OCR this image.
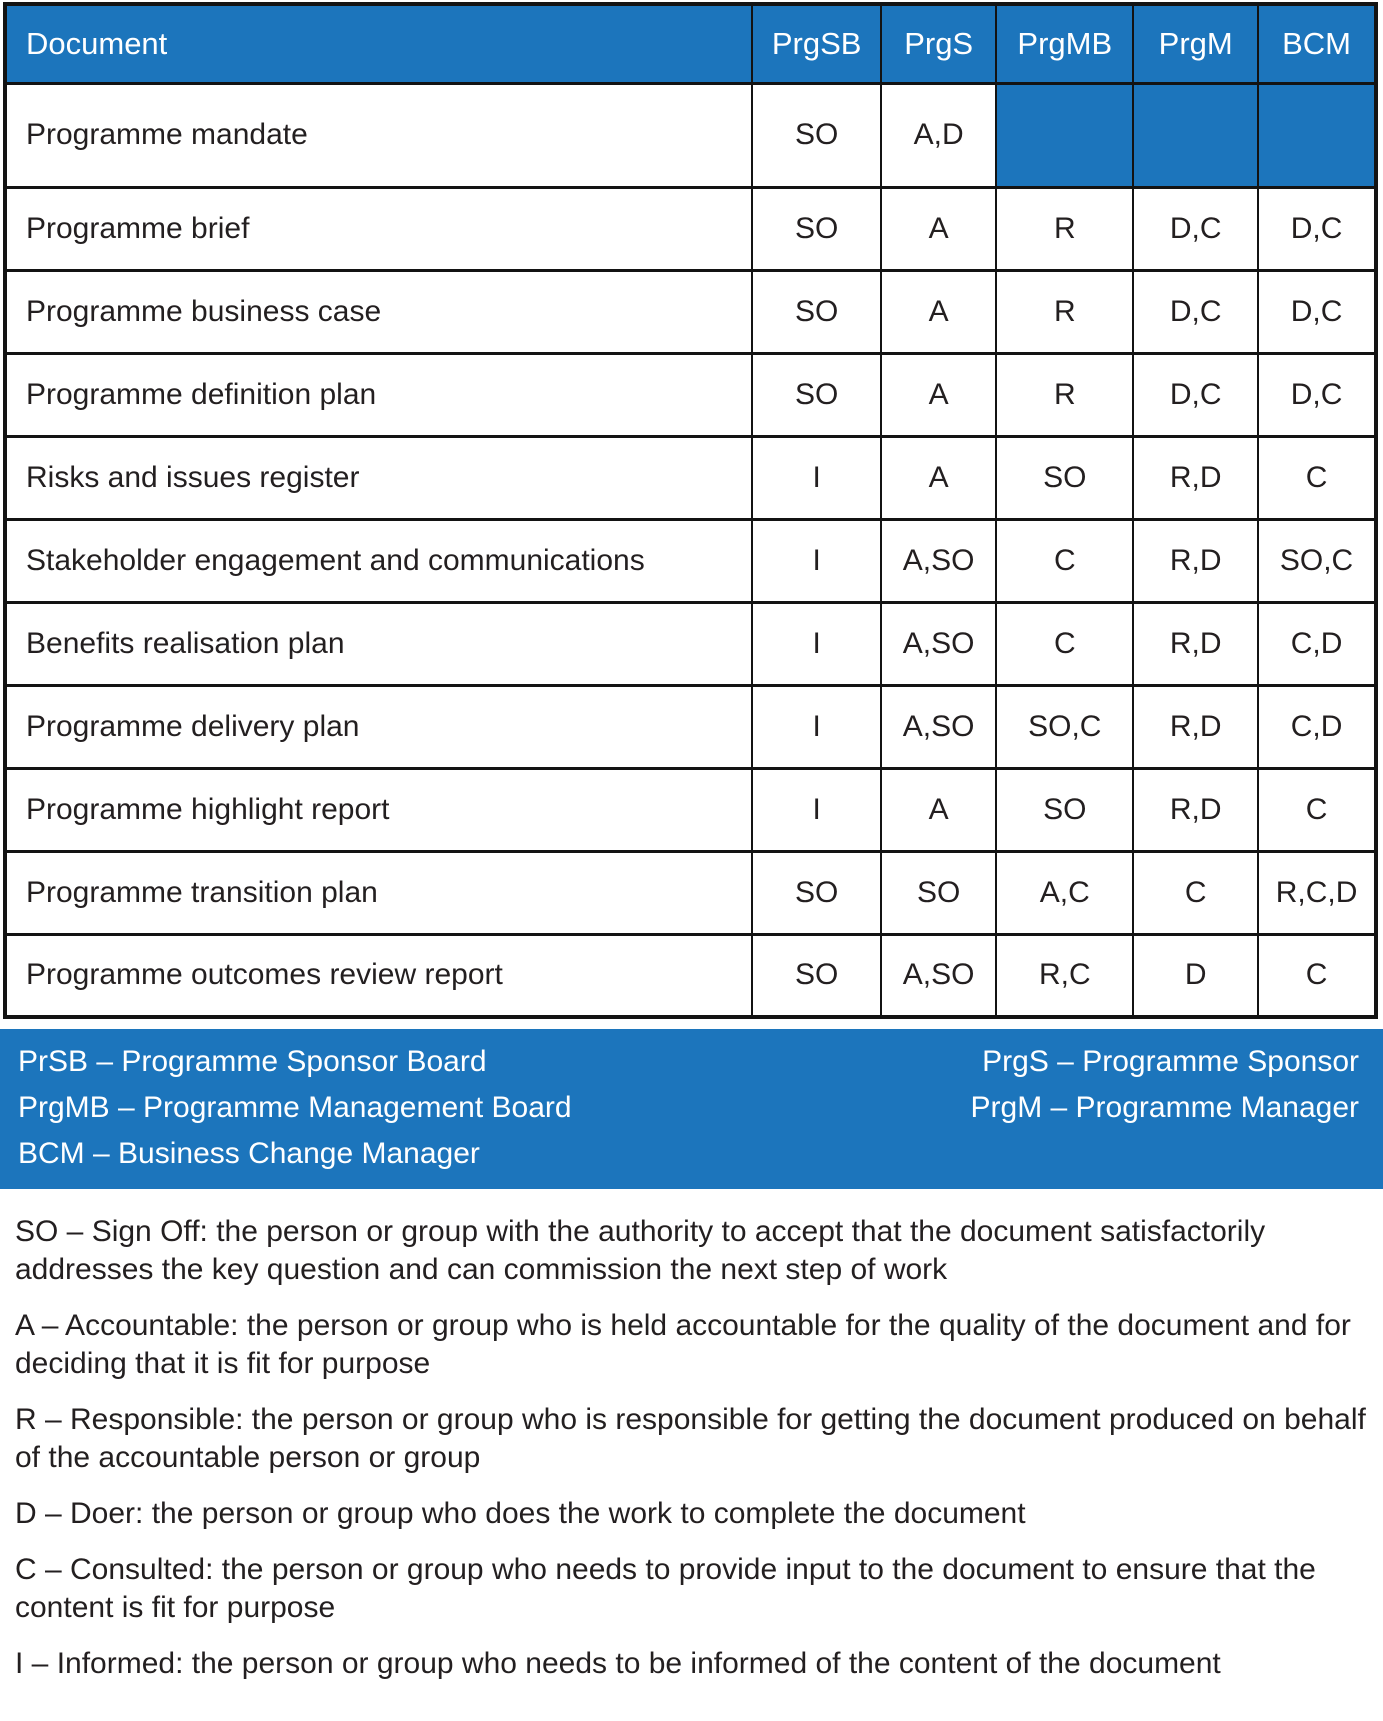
Document	PrgSB	PrgS	PrgMB	PrgM	BCM
Programme mandate	SO	A,D			
Programme brief	SO	A	R	D,C	D,C
Programme business case	SO	A	R	D,C	D,C
Programme definition plan	SO	A	R	D,C	D,C
Risks and issues register	I	A	SO	R,D	C
Stakeholder engagement and communications	I	A,SO	C	R,D	SO,C
Benefits realisation plan	I	A,SO	C	R,D	C,D
Programme delivery plan	I	A,SO	SO,C	R,D	C,D
Programme highlight report	I	A	SO	R,D	C
Programme transition plan	SO	SO	A,C	C	R,C,D
Programme outcomes review report	SO	A,SO	R,C	D	C
PrSB – Programme Sponsor Board
PrgMB – Programme Management Board
BCM – Business Change Manager
PrgS – Programme Sponsor
PrgM – Programme Manager

SO – Sign Off: the person or group with the authority to accept that the document satisfactorily addresses the key question and can commission the next step of work

A – Accountable: the person or group who is held accountable for the quality of the document and for deciding that it is fit for purpose

R – Responsible: the person or group who is responsible for getting the document produced on behalf of the accountable person or group

D – Doer: the person or group who does the work to complete the document

C – Consulted: the person or group who needs to provide input to the document to ensure that the content is fit for purpose

I – Informed: the person or group who needs to be informed of the content of the document
